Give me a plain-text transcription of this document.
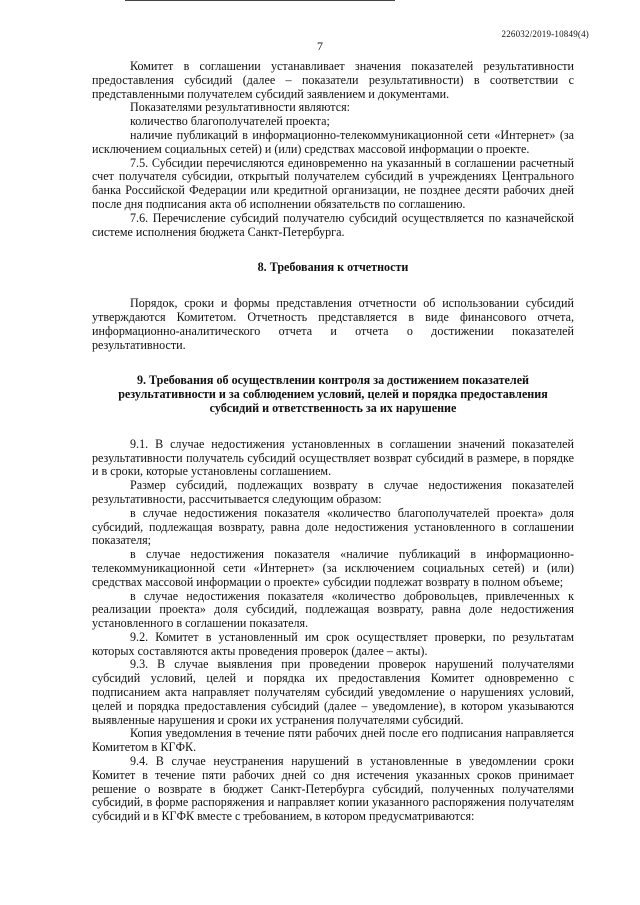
226032/2019-10849(4)
7

Комитет в соглашении устанавливает значения показателей результативности предоставления субсидий (далее – показатели результативности) в соответствии с представленными получателем субсидий заявлением и документами.

Показателями результативности являются:

количество благополучателей проекта;

наличие публикаций в информационно-телекоммуникационной сети «Интернет» (за исключением социальных сетей) и (или) средствах массовой информации о проекте.

7.5. Субсидии перечисляются единовременно на указанный в соглашении расчетный счет получателя субсидии, открытый получателем субсидий в учреждениях Центрального банка Российской Федерации или кредитной организации, не позднее десяти рабочих дней после дня подписания акта об исполнении обязательств по соглашению.

7.6. Перечисление субсидий получателю субсидий осуществляется по казначейской системе исполнения бюджета Санкт-Петербурга.

8. Требования к отчетности

Порядок, сроки и формы представления отчетности об использовании субсидий утверждаются Комитетом. Отчетность представляется в виде финансового отчета, информационно-аналитического отчета и отчета о достижении показателей результативности.

9. Требования об осуществлении контроля за достижением показателей

результативности и за соблюдением условий, целей и порядка предоставления

субсидий и ответственность за их нарушение

9.1. В случае недостижения установленных в соглашении значений показателей результативности получатель субсидий осуществляет возврат субсидий в размере, в порядке и в сроки, которые установлены соглашением.

Размер субсидий, подлежащих возврату в случае недостижения показателей результативности, рассчитывается следующим образом:

в случае недостижения показателя «количество благополучателей проекта» доля субсидий, подлежащая возврату, равна доле недостижения установленного в соглашении показателя;

в случае недостижения показателя «наличие публикаций в информационно-телекоммуникационной сети «Интернет» (за исключением социальных сетей) и (или) средствах массовой информации о проекте» субсидии подлежат возврату в полном объеме;

в случае недостижения показателя «количество добровольцев, привлеченных к реализации проекта» доля субсидий, подлежащая возврату, равна доле недостижения установленного в соглашении показателя.

9.2. Комитет в установленный им срок осуществляет проверки, по результатам которых составляются акты проведения проверок (далее – акты).

9.3. В случае выявления при проведении проверок нарушений получателями субсидий условий, целей и порядка их предоставления Комитет одновременно с подписанием акта направляет получателям субсидий уведомление о нарушениях условий, целей и порядка предоставления субсидий (далее – уведомление), в котором указываются выявленные нарушения и сроки их устранения получателями субсидий.

Копия уведомления в течение пяти рабочих дней после его подписания направляется Комитетом в КГФК.

9.4. В случае неустранения нарушений в установленные в уведомлении сроки Комитет в течение пяти рабочих дней со дня истечения указанных сроков принимает решение о возврате в бюджет Санкт-Петербурга субсидий, полученных получателями субсидий, в форме распоряжения и направляет копии указанного распоряжения получателям субсидий и в КГФК вместе с требованием, в котором предусматриваются:
